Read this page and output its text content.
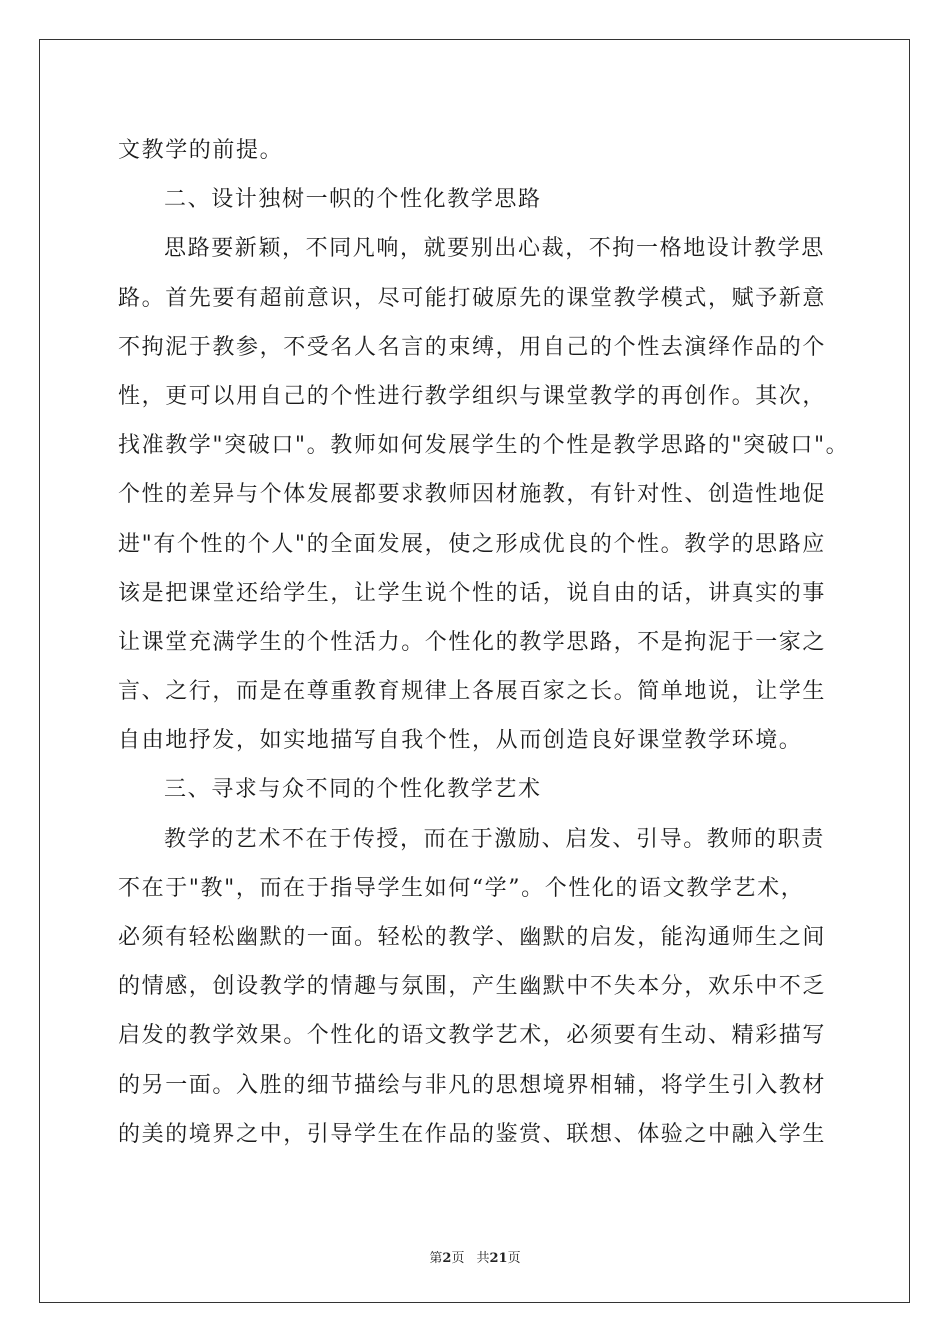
文教学的前提。
二、设计独树一帜的个性化教学思路
思路要新颖，不同凡响，就要别出心裁，不拘一格地设计教学思
路。首先要有超前意识，尽可能打破原先的课堂教学模式，赋予新意
不拘泥于教参，不受名人名言的束缚，用自己的个性去演绎作品的个
性，更可以用自己的个性进行教学组织与课堂教学的再创作。其次，
找准教学"突破口"。教师如何发展学生的个性是教学思路的"突破口"。
个性的差异与个体发展都要求教师因材施教，有针对性、创造性地促
进"有个性的个人"的全面发展，使之形成优良的个性。教学的思路应
该是把课堂还给学生，让学生说个性的话，说自由的话，讲真实的事
让课堂充满学生的个性活力。个性化的教学思路，不是拘泥于一家之
言、之行，而是在尊重教育规律上各展百家之长。简单地说，让学生
自由地抒发，如实地描写自我个性，从而创造良好课堂教学环境。
三、寻求与众不同的个性化教学艺术
教学的艺术不在于传授，而在于激励、启发、引导。教师的职责
不在于"教"，而在于指导学生如何“学”。个性化的语文教学艺术，
必须有轻松幽默的一面。轻松的教学、幽默的启发，能沟通师生之间
的情感，创设教学的情趣与氛围，产生幽默中不失本分，欢乐中不乏
启发的教学效果。个性化的语文教学艺术，必须要有生动、精彩描写
的另一面。入胜的细节描绘与非凡的思想境界相辅，将学生引入教材
的美的境界之中，引导学生在作品的鉴赏、联想、体验之中融入学生
第2页 共21页
